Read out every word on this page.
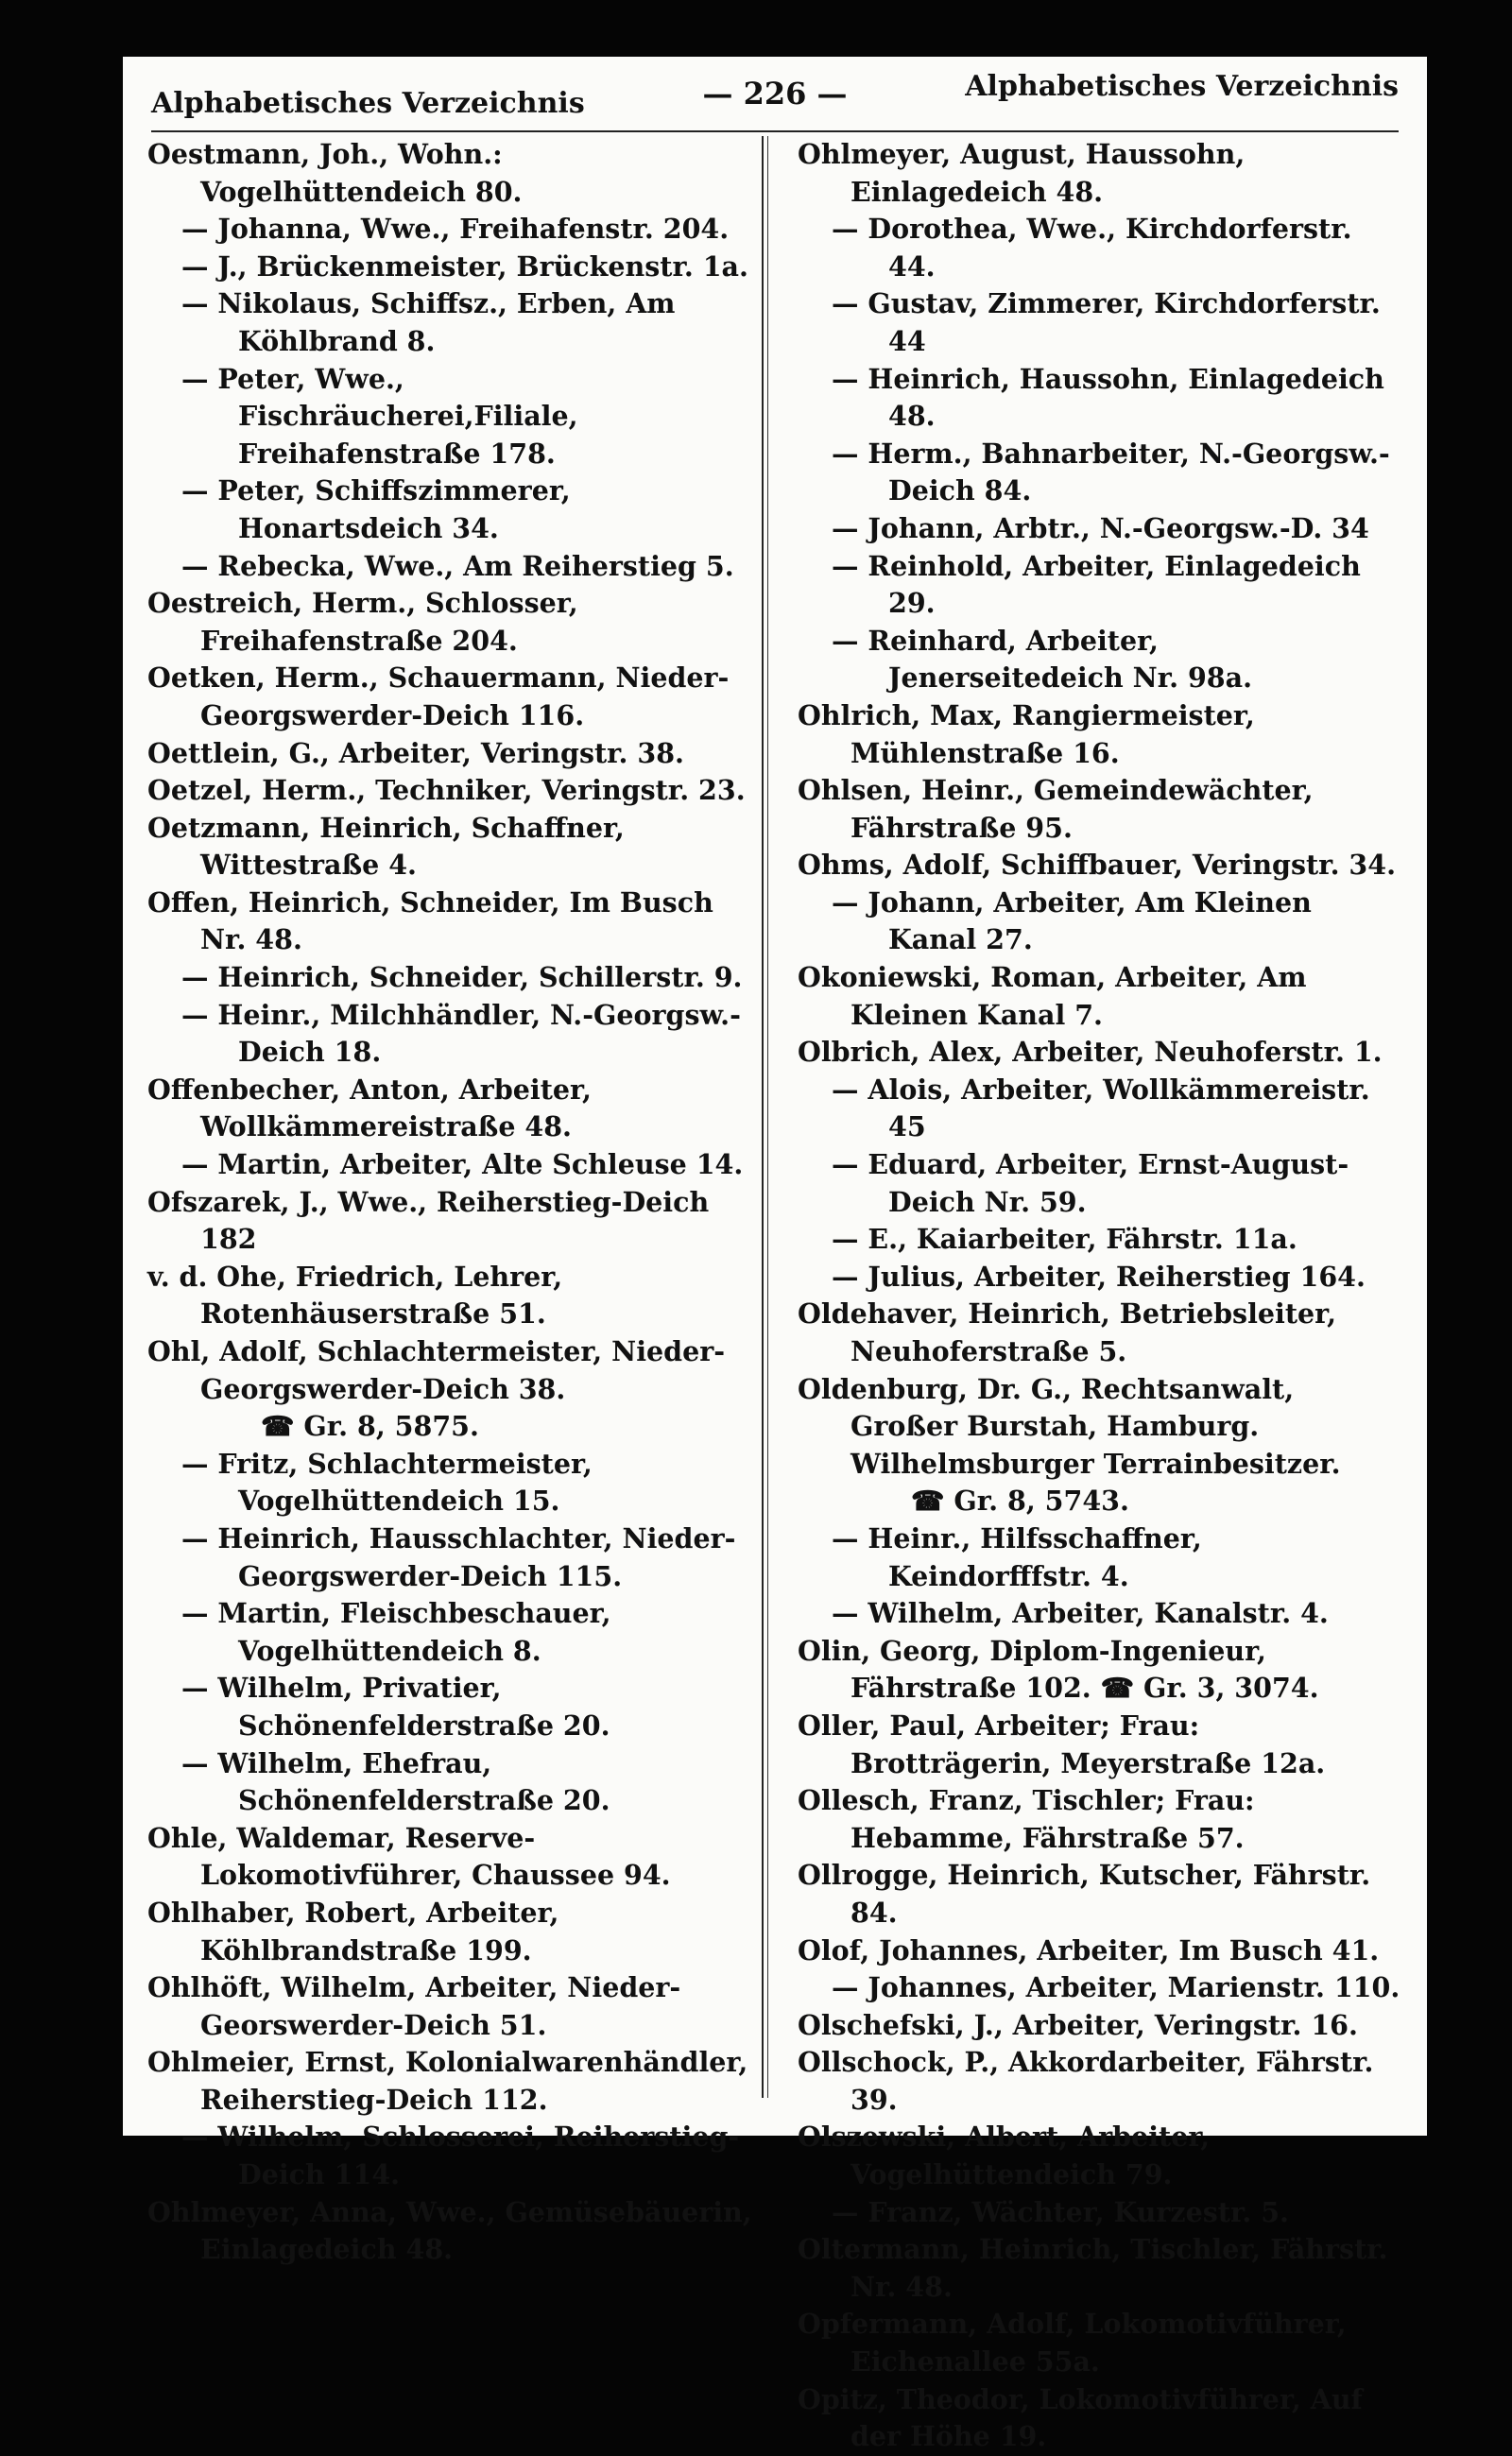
Alphabetisches Verzeichnis	— 226 —	Alphabetisches Verzeichnis

Oestmann, Joh., Wohn.: Vogelhüttendeich 80.

— Johanna, Wwe., Freihafenstr. 204.

— J., Brückenmeister, Brückenstr. 1a.

— Nikolaus, Schiffsz., Erben, Am Köhlbrand 8.

— Peter, Wwe., Fischräucherei,Filiale, Freihafenstraße 178.

— Peter, Schiffszimmerer, Honartsdeich 34.

— Rebecka, Wwe., Am Reiherstieg 5.

Oestreich, Herm., Schlosser, Freihafenstraße 204.

Oetken, Herm., Schauermann, Nieder-Georgswerder-Deich 116.

Oettlein, G., Arbeiter, Veringstr. 38.

Oetzel, Herm., Techniker, Veringstr. 23.

Oetzmann, Heinrich, Schaffner, Wittestraße 4.

Offen, Heinrich, Schneider, Im Busch Nr. 48.

— Heinrich, Schneider, Schillerstr. 9.

— Heinr., Milchhändler, N.-Georgsw.-Deich 18.

Offenbecher, Anton, Arbeiter, Wollkämmereistraße 48.

— Martin, Arbeiter, Alte Schleuse 14.

Ofszarek, J., Wwe., Reiherstieg-Deich 182

v. d. Ohe, Friedrich, Lehrer, Rotenhäuserstraße 51.

Ohl, Adolf, Schlachtermeister, Nieder-Georgswerder-Deich 38.

☎ Gr. 8, 5875.

— Fritz, Schlachtermeister, Vogelhüttendeich 15.

— Heinrich, Hausschlachter, Nieder-Georgswerder-Deich 115.

— Martin, Fleischbeschauer, Vogelhüttendeich 8.

— Wilhelm, Privatier, Schönenfelderstraße 20.

— Wilhelm, Ehefrau, Schönenfelderstraße 20.

Ohle, Waldemar, Reserve-Lokomotivführer, Chaussee 94.

Ohlhaber, Robert, Arbeiter, Köhlbrandstraße 199.

Ohlhöft, Wilhelm, Arbeiter, Nieder-Georswerder-Deich 51.

Ohlmeier, Ernst, Kolonialwarenhändler, Reiherstieg-Deich 112.

— Wilhelm, Schlosserei, Reiherstieg-Deich 114.

Ohlmeyer, Anna, Wwe., Gemüsebäuerin, Einlagedeich 48.

Ohlmeyer, August, Haussohn, Einlagedeich 48.

— Dorothea, Wwe., Kirchdorferstr. 44.

— Gustav, Zimmerer, Kirchdorferstr. 44

— Heinrich, Haussohn, Einlagedeich 48.

— Herm., Bahnarbeiter, N.-Georgsw.-Deich 84.

— Johann, Arbtr., N.-Georgsw.-D. 34

— Reinhold, Arbeiter, Einlagedeich 29.

— Reinhard, Arbeiter, Jenerseitedeich Nr. 98a.

Ohlrich, Max, Rangiermeister, Mühlenstraße 16.

Ohlsen, Heinr., Gemeindewächter, Fährstraße 95.

Ohms, Adolf, Schiffbauer, Veringstr. 34.

— Johann, Arbeiter, Am Kleinen Kanal 27.

Okoniewski, Roman, Arbeiter, Am Kleinen Kanal 7.

Olbrich, Alex, Arbeiter, Neuhoferstr. 1.

— Alois, Arbeiter, Wollkämmereistr. 45

— Eduard, Arbeiter, Ernst-August-Deich Nr. 59.

— E., Kaiarbeiter, Fährstr. 11a.

— Julius, Arbeiter, Reiherstieg 164.

Oldehaver, Heinrich, Betriebsleiter, Neuhoferstraße 5.

Oldenburg, Dr. G., Rechtsanwalt, Großer Burstah, Hamburg. Wilhelmsburger Terrainbesitzer.

☎ Gr. 8, 5743.

— Heinr., Hilfsschaffner, Keindorfffstr. 4.

— Wilhelm, Arbeiter, Kanalstr. 4.

Olin, Georg, Diplom-Ingenieur, Fährstraße 102. ☎ Gr. 3, 3074.

Oller, Paul, Arbeiter; Frau: Brotträgerin, Meyerstraße 12a.

Ollesch, Franz, Tischler; Frau: Hebamme, Fährstraße 57.

Ollrogge, Heinrich, Kutscher, Fährstr. 84.

Olof, Johannes, Arbeiter, Im Busch 41.

— Johannes, Arbeiter, Marienstr. 110.

Olschefski, J., Arbeiter, Veringstr. 16.

Ollschock, P., Akkordarbeiter, Fährstr. 39.

Olszewski, Albert, Arbeiter, Vogelhüttendeich 79.

— Franz, Wächter, Kurzestr. 5.

Oltermann, Heinrich, Tischler, Fährstr. Nr. 48.

Opfermann, Adolf, Lokomotivführer, Eichenallee 55a.

Opitz, Theodor, Lokomotivführer, Auf der Höhe 19.
